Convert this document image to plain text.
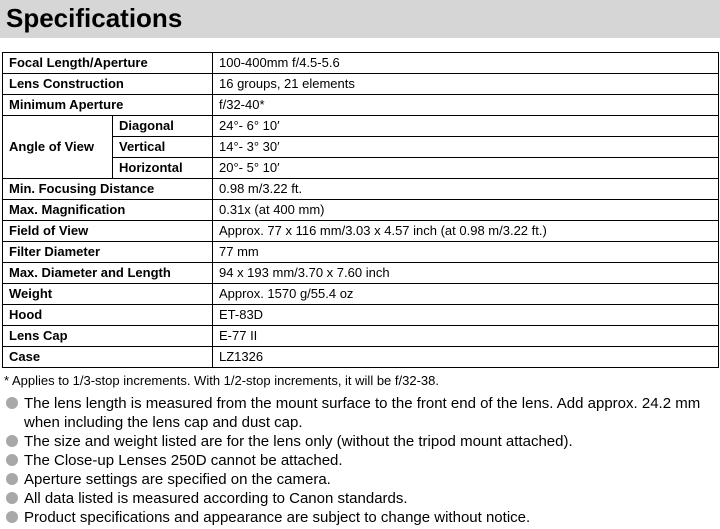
Specifications
Focal Length/Aperture		100-400mm f/4.5-5.6
Lens Construction		16 groups, 21 elements
Minimum Aperture		f/32-40*
Angle of View	Diagonal	24°- 6° 10′
	Vertical	14°- 3° 30′
	Horizontal	20°- 5° 10′
Min. Focusing Distance		0.98 m/3.22 ft.
Max. Magnification		0.31x (at 400 mm)
Field of View		Approx. 77 x 116 mm/3.03 x 4.57 inch (at 0.98 m/3.22 ft.)
Filter Diameter		77 mm
Max. Diameter and Length		94 x 193 mm/3.70 x 7.60 inch
Weight		Approx. 1570 g/55.4 oz
Hood		ET-83D
Lens Cap		E-77 II
Case		LZ1326
* Applies to 1/3-stop increments. With 1/2-stop increments, it will be f/32-38.
The lens length is measured from the mount surface to the front end of the lens. Add approx. 24.2 mm when including the lens cap and dust cap.
The size and weight listed are for the lens only (without the tripod mount attached).
The Close-up Lenses 250D cannot be attached.
Aperture settings are specified on the camera.
All data listed is measured according to Canon standards.
Product specifications and appearance are subject to change without notice.
